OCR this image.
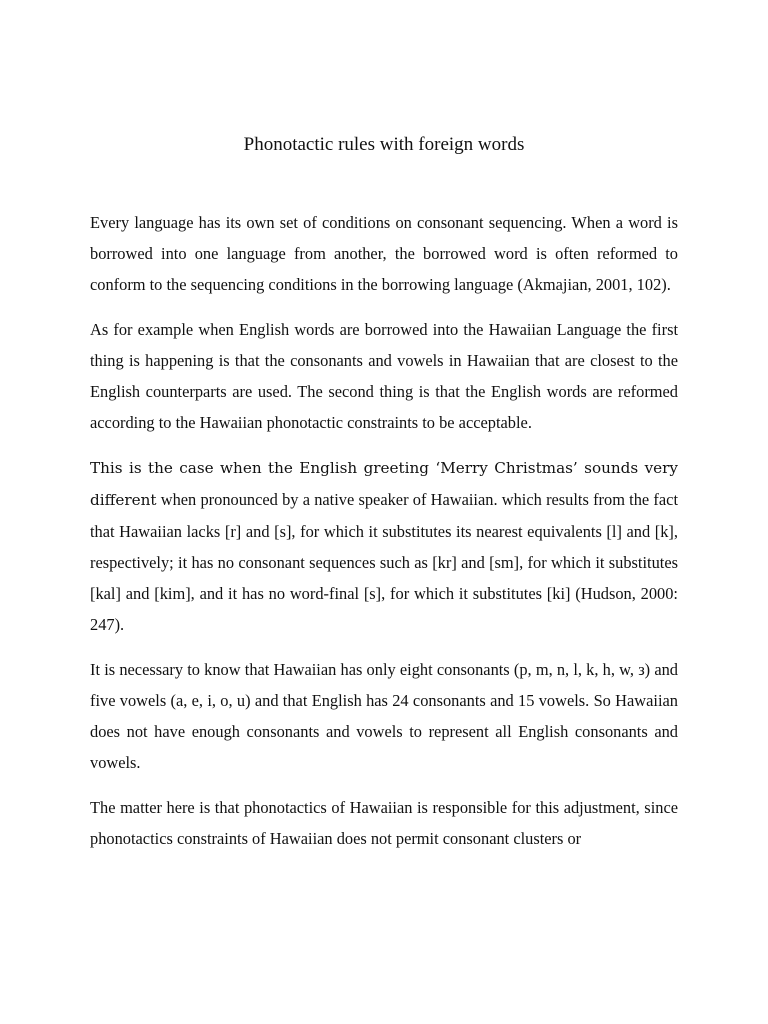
Phonotactic rules with foreign words

Every language has its own set of conditions on consonant sequencing. When a word is borrowed into one language from another, the borrowed word is often reformed to conform to the sequencing conditions in the borrowing language (Akmajian, 2001, 102).

As for example when English words are borrowed into the Hawaiian Language the first thing is happening is that the consonants and vowels in Hawaiian that are closest to the English counterparts are used. The second thing is that the English words are reformed according to the Hawaiian phonotactic constraints to be acceptable.

This is the case when the English greeting ‘Merry Christmas’ sounds very different when pronounced by a native speaker of Hawaiian. which results from the fact that Hawaiian lacks [r] and [s], for which it substitutes its nearest equivalents [l] and [k], respectively; it has no consonant sequences such as [kr] and [sm], for which it substitutes [kal] and [kim], and it has no word-final [s], for which it substitutes [ki] (Hudson, 2000: 247).

It is necessary to know that Hawaiian has only eight consonants (p, m, n, l, k, h, w, з) and five vowels (a, e, i, o, u) and that English has 24 consonants and 15 vowels. So Hawaiian does not have enough consonants and vowels to represent all English consonants and vowels.

The matter here is that phonotactics of Hawaiian is responsible for this adjustment, since phonotactics constraints of Hawaiian does not permit consonant clusters or
